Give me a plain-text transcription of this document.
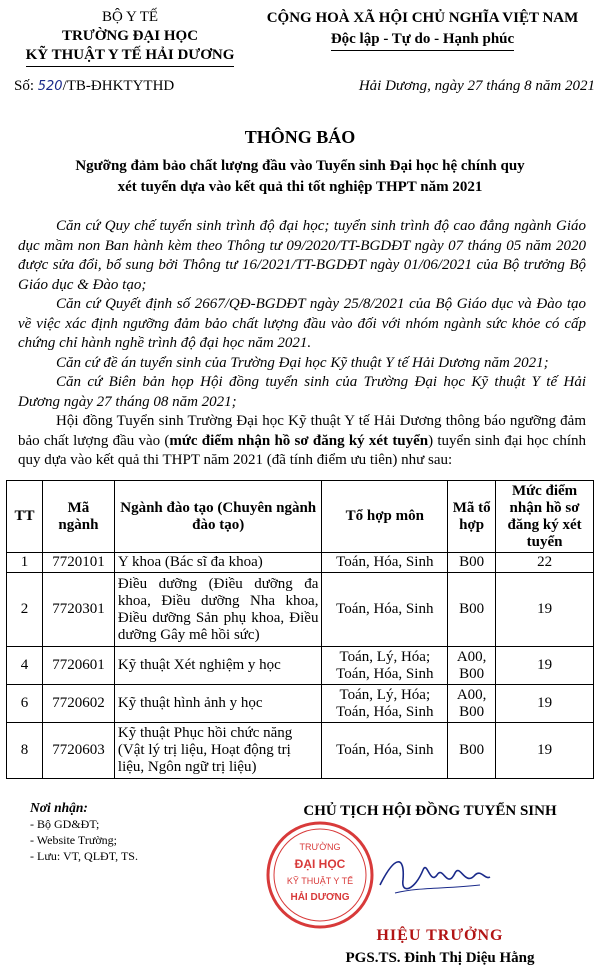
BỘ Y TẾ
TRƯỜNG ĐẠI HỌC
KỸ THUẬT Y TẾ HẢI DƯƠNG
CỘNG HOÀ XÃ HỘI CHỦ NGHĨA VIỆT NAM
Độc lập - Tự do - Hạnh phúc
Số: 520/TB-ĐHKTYTHD	Hải Dương, ngày 27 tháng 8 năm 2021
THÔNG BÁO
Ngưỡng đảm bảo chất lượng đầu vào Tuyển sinh Đại học hệ chính quy
xét tuyển dựa vào kết quả thi tốt nghiệp THPT năm 2021

Căn cứ Quy chế tuyển sinh trình độ đại học; tuyển sinh trình độ cao đẳng ngành Giáo dục mầm non Ban hành kèm theo Thông tư 09/2020/TT-BGDĐT ngày 07 tháng 05 năm 2020 được sửa đổi, bổ sung bởi Thông tư 16/2021/TT-BGDĐT ngày 01/06/2021 của Bộ trưởng Bộ Giáo dục & Đào tạo;

Căn cứ Quyết định số 2667/QĐ-BGDĐT ngày 25/8/2021 của Bộ Giáo dục và Đào tạo về việc xác định ngưỡng đảm bảo chất lượng đầu vào đối với nhóm ngành sức khỏe có cấp chứng chỉ hành nghề trình độ đại học năm 2021.

Căn cứ đề án tuyển sinh của Trường Đại học Kỹ thuật Y tế Hải Dương năm 2021;

Căn cứ Biên bản họp Hội đồng tuyển sinh của Trường Đại học Kỹ thuật Y tế Hải Dương ngày 27 tháng 08 năm 2021;

Hội đồng Tuyển sinh Trường Đại học Kỹ thuật Y tế Hải Dương thông báo ngưỡng đảm bảo chất lượng đầu vào (mức điểm nhận hồ sơ đăng ký xét tuyển) tuyển sinh đại học chính quy dựa vào kết quả thi THPT năm 2021 (đã tính điểm ưu tiên) như sau:

TT	Mã ngành	Ngành đào tạo (Chuyên ngành đào tạo)	Tổ hợp môn	Mã tổ hợp	Mức điểm nhận hồ sơ đăng ký xét tuyển
1	7720101	Y khoa (Bác sĩ đa khoa)	Toán, Hóa, Sinh	B00	22
2	7720301	Điều dưỡng (Điều dưỡng đa khoa, Điều dưỡng Nha khoa, Điều dưỡng Sản phụ khoa, Điều dưỡng Gây mê hồi sức)	Toán, Hóa, Sinh	B00	19
4	7720601	Kỹ thuật Xét nghiệm y học	Toán, Lý, Hóa; Toán, Hóa, Sinh	A00, B00	19
6	7720602	Kỹ thuật hình ảnh y học	Toán, Lý, Hóa; Toán, Hóa, Sinh	A00, B00	19
8	7720603	Kỹ thuật Phục hồi chức năng (Vật lý trị liệu, Hoạt động trị liệu, Ngôn ngữ trị liệu)	Toán, Hóa, Sinh	B00	19
Nơi nhận:
- Bộ GD&ĐT;
- Website Trường;
- Lưu: VT, QLĐT, TS.
CHỦ TỊCH HỘI ĐỒNG TUYỂN SINH
TRƯỜNG
ĐẠI HỌC
KỸ THUẬT Y TẾ
HẢI DƯƠNG
HIỆU TRƯỞNG
PGS.TS. Đinh Thị Diệu Hằng
